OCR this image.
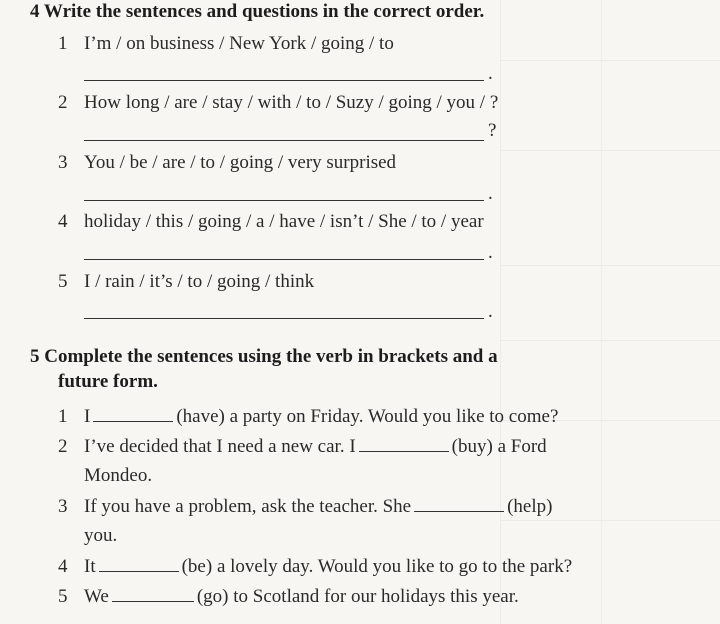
4 Write the sentences and questions in the correct order.
1 I’m / on business / New York / going / to
.
2 How long / are / stay / with / to / Suzy / going / you / ?
?
3 You / be / are / to / going / very surprised
.
4 holiday / this / going / a / have / isn’t / She / to / year
.
5 I / rain / it’s / to / going / think
.
5 Complete the sentences using the verb in brackets and a
future form.
1 I	(have) a party on Friday. Would you like to come?
2 I’ve decided that I need a new car. I	(buy) a Ford
Mondeo.
3 If you have a problem, ask the teacher. She	(help)
you.
4 It	(be) a lovely day. Would you like to go to the park?
5 We	(go) to Scotland for our holidays this year.
